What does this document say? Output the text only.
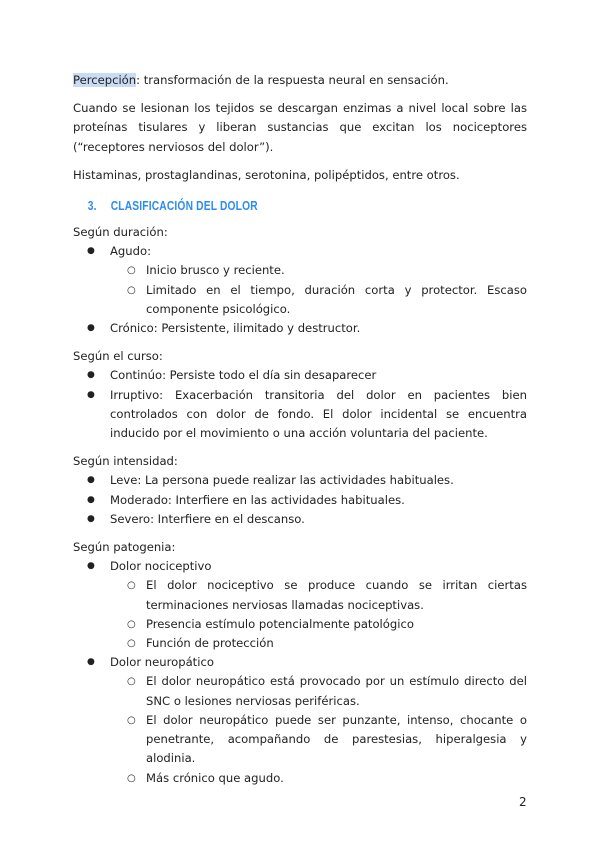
Percepción: transformación de la respuesta neural en sensación.

Cuando se lesionan los tejidos se descargan enzimas a nivel local sobre las proteínas tisulares y liberan sustancias que excitan los nociceptores (“receptores nerviosos del dolor”).

Histaminas, prostaglandinas, serotonina, polipéptidos, entre otros.

3. CLASIFICACIÓN DEL DOLOR

Según duración:

● Agudo:
○ Inicio brusco y reciente.
○ Limitado en el tiempo, duración corta y protector. Escaso componente psicológico.
● Crónico: Persistente, ilimitado y destructor.

Según el curso:

● Continúo: Persiste todo el día sin desaparecer
● Irruptivo: Exacerbación transitoria del dolor en pacientes bien controlados con dolor de fondo. El dolor incidental se encuentra inducido por el movimiento o una acción voluntaria del paciente.

Según intensidad:

● Leve: La persona puede realizar las actividades habituales.
● Moderado: Interfiere en las actividades habituales.
● Severo: Interfiere en el descanso.

Según patogenia:

● Dolor nociceptivo
○ El dolor nociceptivo se produce cuando se irritan ciertas terminaciones nerviosas llamadas nociceptivas.
○ Presencia estímulo potencialmente patológico
○ Función de protección
● Dolor neuropático
○ El dolor neuropático está provocado por un estímulo directo del SNC o lesiones nerviosas periféricas.
○ El dolor neuropático puede ser punzante, intenso, chocante o penetrante, acompañando de parestesias, hiperalgesia y alodinia.
○ Más crónico que agudo.
2
